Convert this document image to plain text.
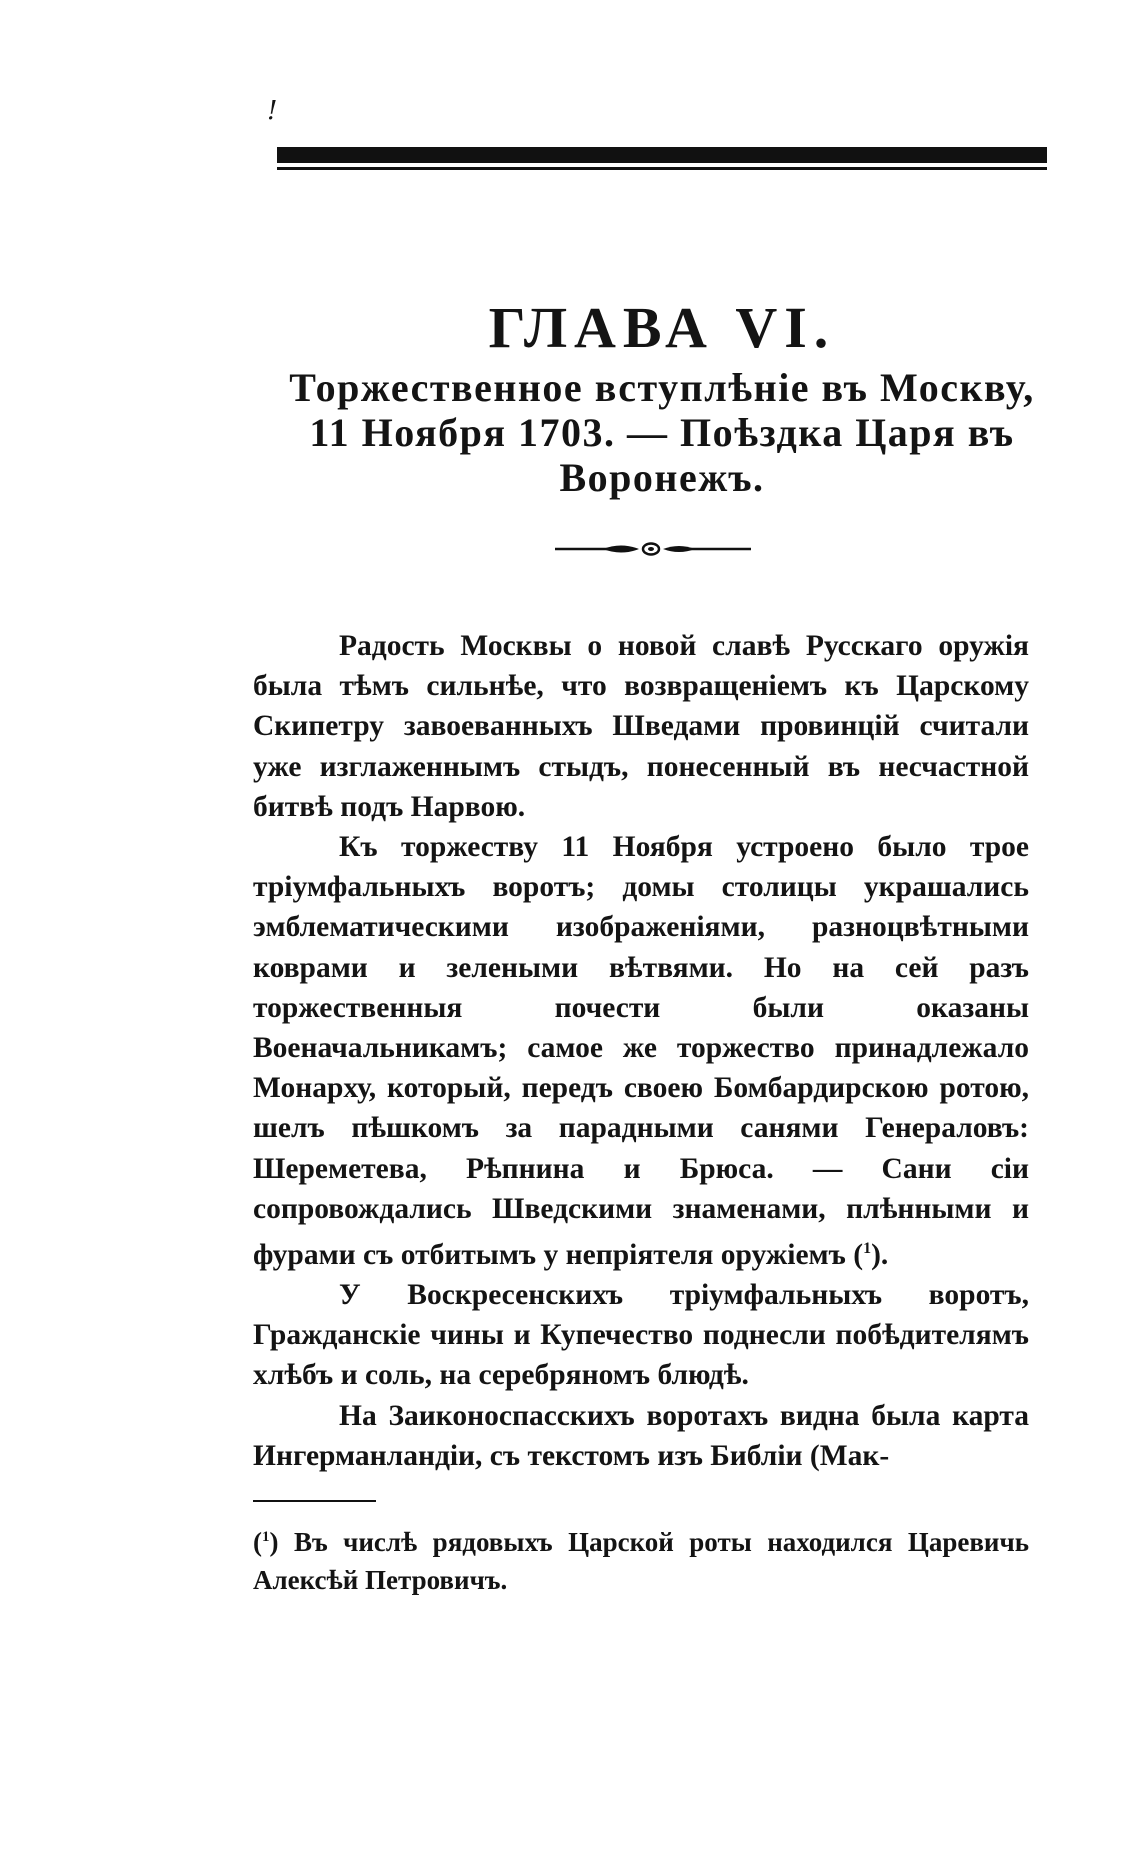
!
ГЛАВА VI.
Торжественное вступлѣніе въ Москву, 11 Ноября 1703. — Поѣздка Царя въ Воронежъ.

Радость Москвы о новой славѣ Русскаго оружія была тѣмъ сильнѣе, что возвращеніемъ къ Царскому Скипетру завоеванныхъ Шведами провинцій считали уже изглаженнымъ стыдъ, понесенный въ несчастной битвѣ подъ Нарвою.

Къ торжеству 11 Ноября устроено было трое тріумфальныхъ воротъ; домы столицы украшались эмблематическими изображеніями, разноцвѣтными коврами и зелеными вѣтвями. Но на сей разъ торжественныя почести были оказаны Военачальникамъ; самое же торжество принадлежало Монарху, который, передъ своею Бомбардирскою ротою, шелъ пѣшкомъ за парадными санями Генераловъ: Шереметева, Рѣпнина и Брюса. — Сани сіи сопровождались Шведскими знаменами, плѣнными и фурами съ отбитымъ у непріятеля оружіемъ ($^1$).

У Воскресенскихъ тріумфальныхъ воротъ, Гражданскіе чины и Купечество поднесли побѣдителямъ хлѣбъ и соль, на серебряномъ блюдѣ.

На Заиконоспасскихъ воротахъ видна была карта Ингерманландіи, съ текстомъ изъ Библіи (Мак-

($^1$) Въ числѣ рядовыхъ Царской роты находился Царевичь Алексѣй Петровичъ.
